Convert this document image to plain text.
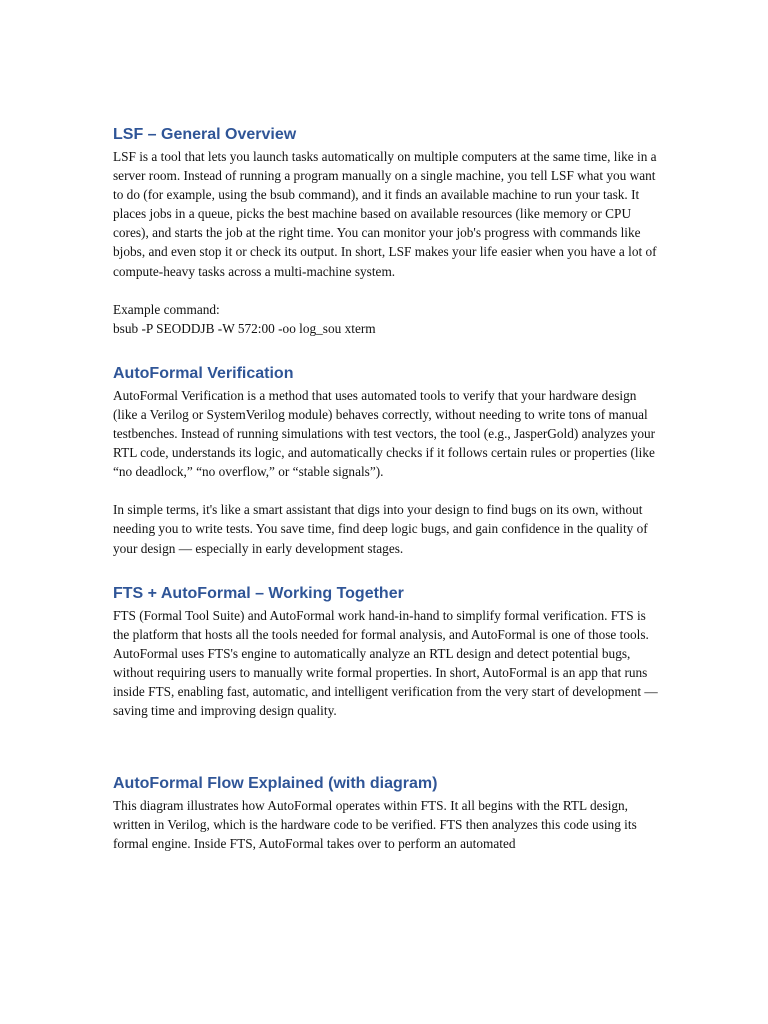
LSF – General Overview

LSF is a tool that lets you launch tasks automatically on multiple computers at the same time, like in a server room. Instead of running a program manually on a single machine, you tell LSF what you want to do (for example, using the bsub command), and it finds an available machine to run your task. It places jobs in a queue, picks the best machine based on available resources (like memory or CPU cores), and starts the job at the right time. You can monitor your job's progress with commands like bjobs, and even stop it or check its output. In short, LSF makes your life easier when you have a lot of compute-heavy tasks across a multi-machine system.

Example command:
bsub -P SEODDJB -W 572:00 -oo log_sou xterm

AutoFormal Verification

AutoFormal Verification is a method that uses automated tools to verify that your hardware design (like a Verilog or SystemVerilog module) behaves correctly, without needing to write tons of manual testbenches. Instead of running simulations with test vectors, the tool (e.g., JasperGold) analyzes your RTL code, understands its logic, and automatically checks if it follows certain rules or properties (like “no deadlock,” “no overflow,” or “stable signals”).

In simple terms, it's like a smart assistant that digs into your design to find bugs on its own, without needing you to write tests. You save time, find deep logic bugs, and gain confidence in the quality of your design — especially in early development stages.

FTS + AutoFormal – Working Together

FTS (Formal Tool Suite) and AutoFormal work hand-in-hand to simplify formal verification. FTS is the platform that hosts all the tools needed for formal analysis, and AutoFormal is one of those tools. AutoFormal uses FTS's engine to automatically analyze an RTL design and detect potential bugs, without requiring users to manually write formal properties. In short, AutoFormal is an app that runs inside FTS, enabling fast, automatic, and intelligent verification from the very start of development — saving time and improving design quality.

AutoFormal Flow Explained (with diagram)

This diagram illustrates how AutoFormal operates within FTS. It all begins with the RTL design, written in Verilog, which is the hardware code to be verified. FTS then analyzes this code using its formal engine. Inside FTS, AutoFormal takes over to perform an automated
